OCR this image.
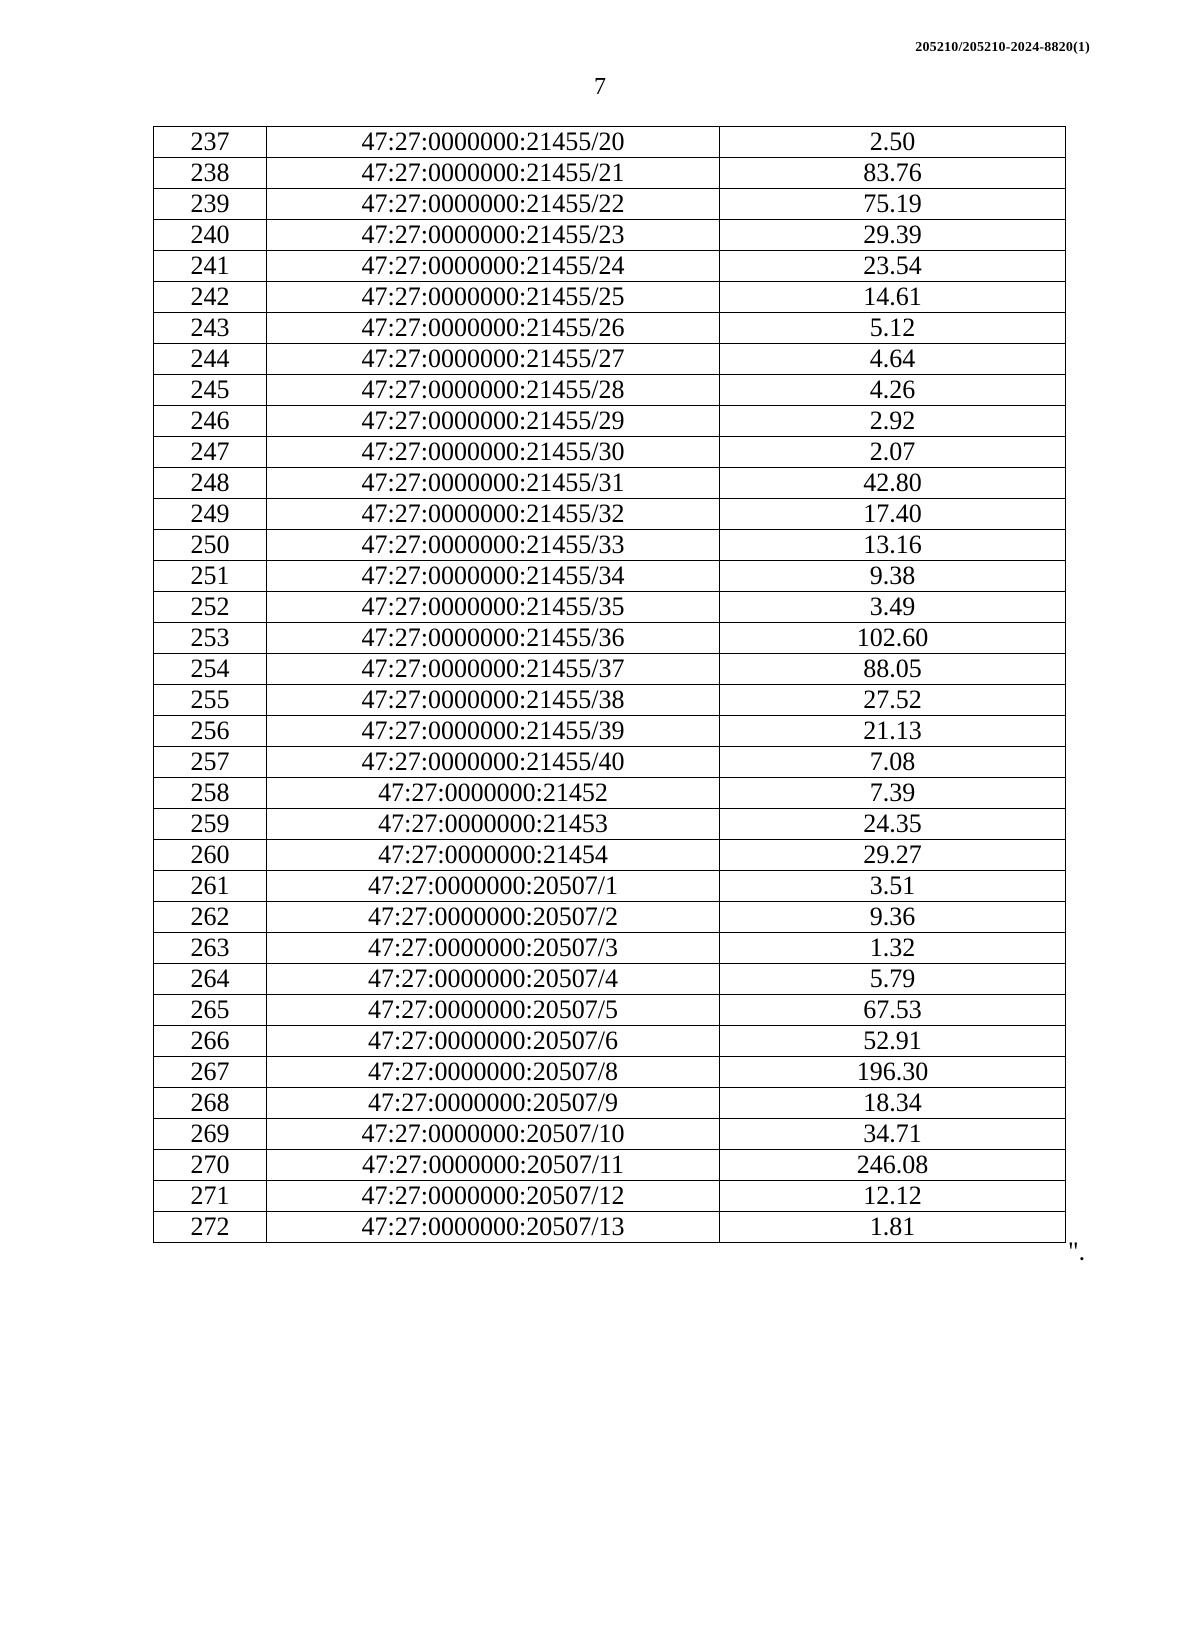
205210/205210-2024-8820(1)
7
237	47:27:0000000:21455/20	2.50
238	47:27:0000000:21455/21	83.76
239	47:27:0000000:21455/22	75.19
240	47:27:0000000:21455/23	29.39
241	47:27:0000000:21455/24	23.54
242	47:27:0000000:21455/25	14.61
243	47:27:0000000:21455/26	5.12
244	47:27:0000000:21455/27	4.64
245	47:27:0000000:21455/28	4.26
246	47:27:0000000:21455/29	2.92
247	47:27:0000000:21455/30	2.07
248	47:27:0000000:21455/31	42.80
249	47:27:0000000:21455/32	17.40
250	47:27:0000000:21455/33	13.16
251	47:27:0000000:21455/34	9.38
252	47:27:0000000:21455/35	3.49
253	47:27:0000000:21455/36	102.60
254	47:27:0000000:21455/37	88.05
255	47:27:0000000:21455/38	27.52
256	47:27:0000000:21455/39	21.13
257	47:27:0000000:21455/40	7.08
258	47:27:0000000:21452	7.39
259	47:27:0000000:21453	24.35
260	47:27:0000000:21454	29.27
261	47:27:0000000:20507/1	3.51
262	47:27:0000000:20507/2	9.36
263	47:27:0000000:20507/3	1.32
264	47:27:0000000:20507/4	5.79
265	47:27:0000000:20507/5	67.53
266	47:27:0000000:20507/6	52.91
267	47:27:0000000:20507/8	196.30
268	47:27:0000000:20507/9	18.34
269	47:27:0000000:20507/10	34.71
270	47:27:0000000:20507/11	246.08
271	47:27:0000000:20507/12	12.12
272	47:27:0000000:20507/13	1.81
".
